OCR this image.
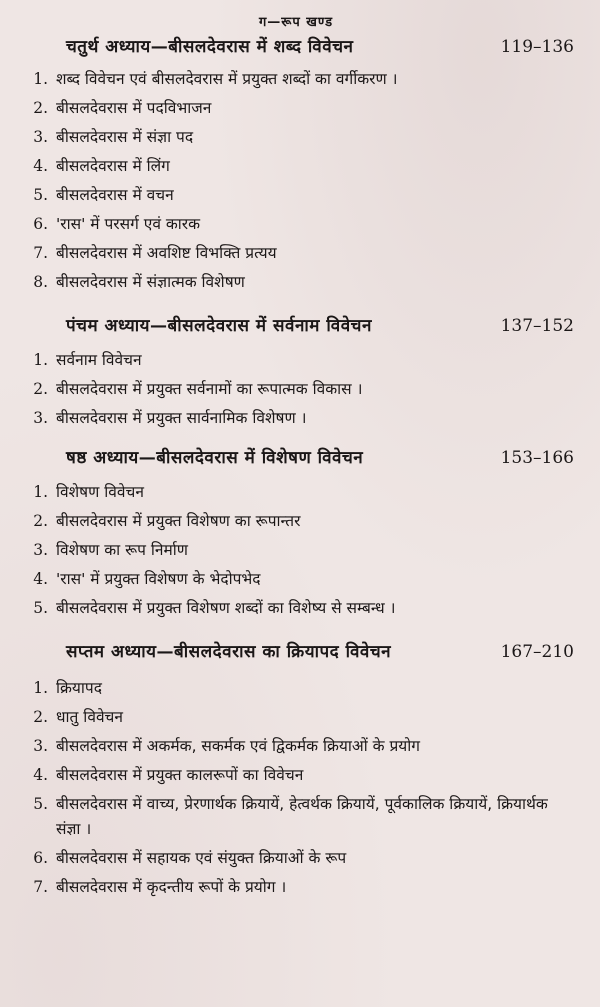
ग—रूप खण्ड
चतुर्थ अध्याय—बीसलदेवरास में शब्द विवेचन	119–136
1. शब्द विवेचन एवं बीसलदेवरास में प्रयुक्त शब्दों का वर्गीकरण ।
2. बीसलदेवरास में पदविभाजन
3. बीसलदेवरास में संज्ञा पद
4. बीसलदेवरास में लिंग
5. बीसलदेवरास में वचन
6. 'रास' में परसर्ग एवं कारक
7. बीसलदेवरास में अवशिष्ट विभक्ति प्रत्यय
8. बीसलदेवरास में संज्ञात्मक विशेषण
पंचम अध्याय—बीसलदेवरास में सर्वनाम विवेचन	137–152
1. सर्वनाम विवेचन
2. बीसलदेवरास में प्रयुक्त सर्वनामों का रूपात्मक विकास ।
3. बीसलदेवरास में प्रयुक्त सार्वनामिक विशेषण ।
षष्ठ अध्याय—बीसलदेवरास में विशेषण विवेचन	153–166
1. विशेषण विवेचन
2. बीसलदेवरास में प्रयुक्त विशेषण का रूपान्तर
3. विशेषण का रूप निर्माण
4. 'रास' में प्रयुक्त विशेषण के भेदोपभेद
5. बीसलदेवरास में प्रयुक्त विशेषण शब्दों का विशेष्य से सम्बन्ध ।
सप्तम अध्याय—बीसलदेवरास का क्रियापद विवेचन	167–210
1. क्रियापद
2. धातु विवेचन
3. बीसलदेवरास में अकर्मक, सकर्मक एवं द्विकर्मक क्रियाओं के प्रयोग
4. बीसलदेवरास में प्रयुक्त कालरूपों का विवेचन
5. बीसलदेवरास में वाच्य, प्रेरणार्थक क्रियायें, हेत्वर्थक क्रियायें, पूर्वकालिक क्रियायें, क्रियार्थक संज्ञा ।
6. बीसलदेवरास में सहायक एवं संयुक्त क्रियाओं के रूप
7. बीसलदेवरास में कृदन्तीय रूपों के प्रयोग ।
